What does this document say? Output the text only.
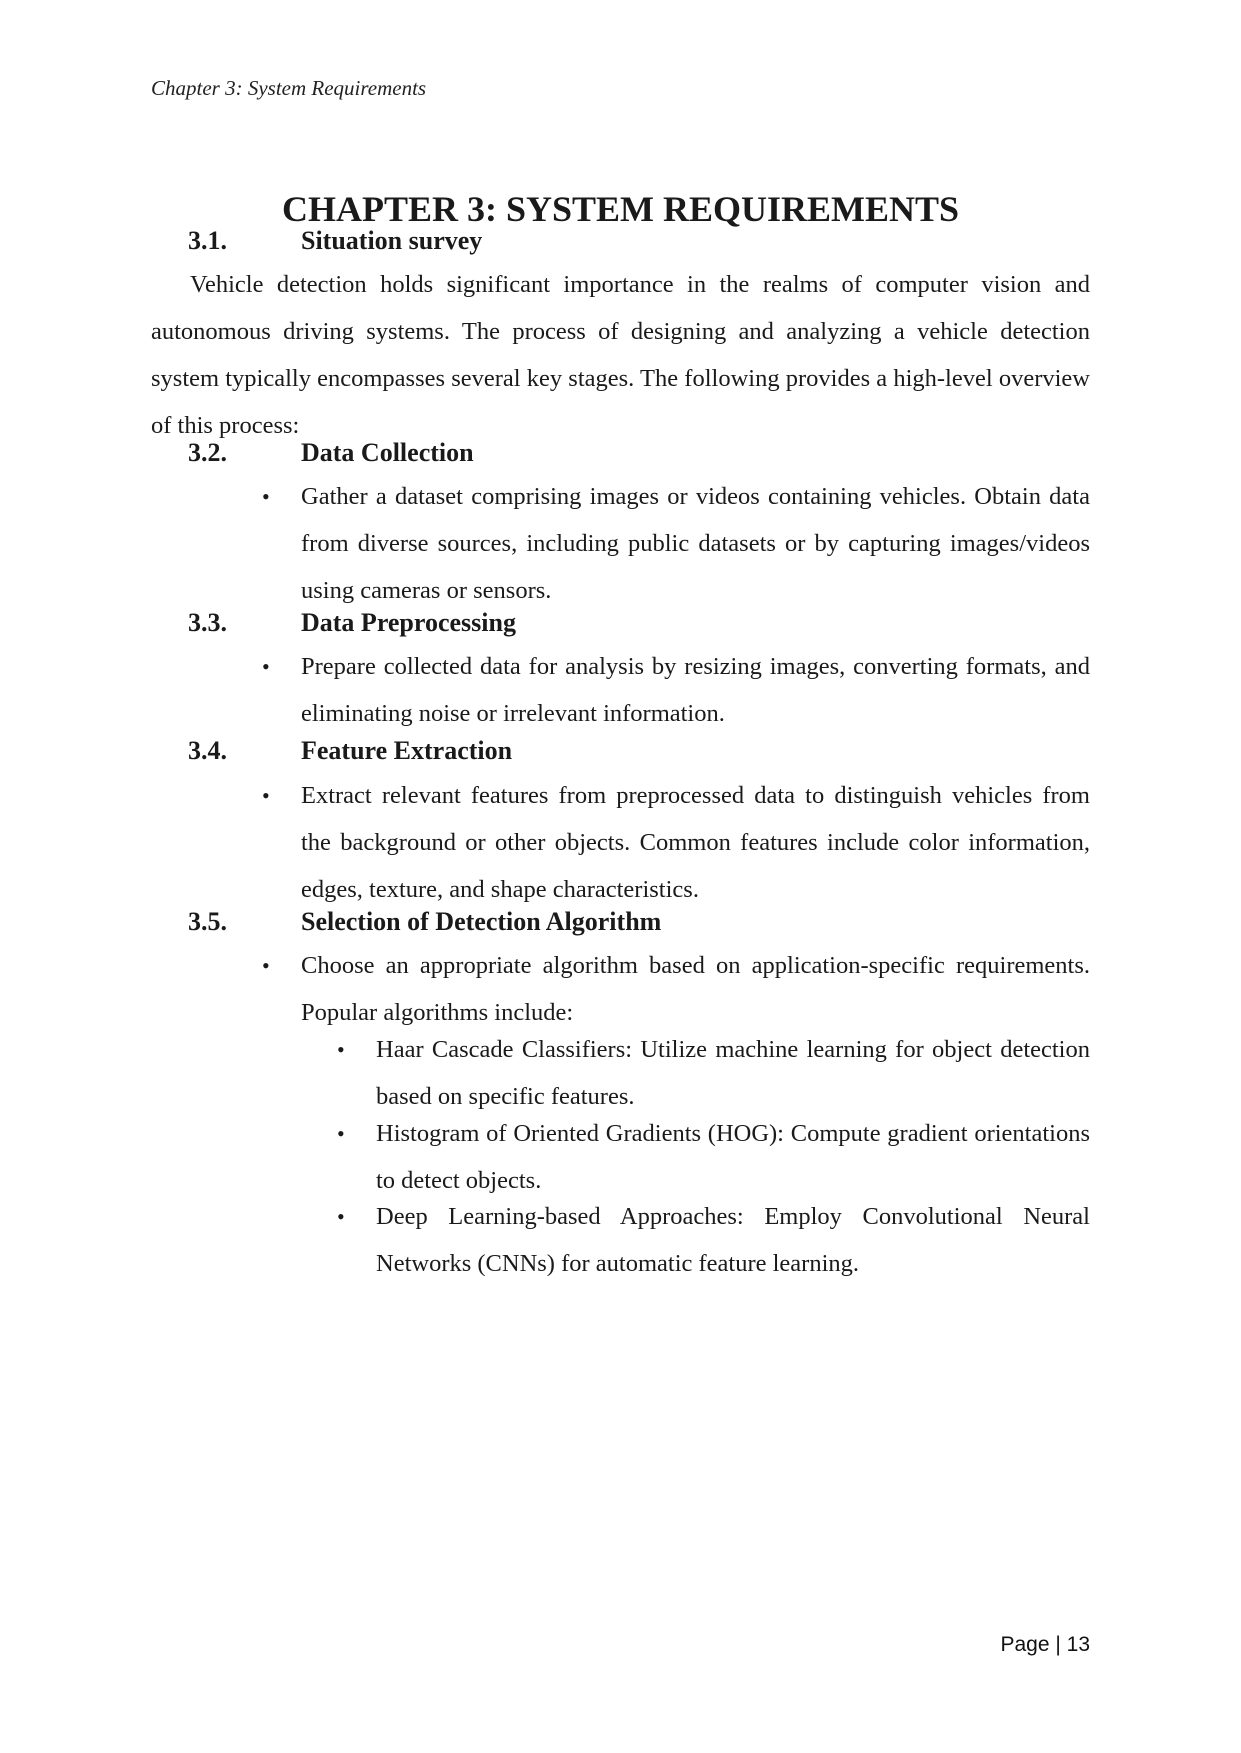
Chapter 3: System Requirements
CHAPTER 3: SYSTEM REQUIREMENTS
3.1.	Situation survey

Vehicle detection holds significant importance in the realms of computer vision and autonomous driving systems. The process of designing and analyzing a vehicle detection system typically encompasses several key stages. The following provides a high-level overview of this process:

3.2.	Data Collection
• Gather a dataset comprising images or videos containing vehicles. Obtain data from diverse sources, including public datasets or by capturing images/videos using cameras or sensors.

3.3.	Data Preprocessing
• Prepare collected data for analysis by resizing images, converting formats, and eliminating noise or irrelevant information.

3.4.	Feature Extraction
• Extract relevant features from preprocessed data to distinguish vehicles from the background or other objects. Common features include color information, edges, texture, and shape characteristics.

3.5.	Selection of Detection Algorithm
• Choose an appropriate algorithm based on application-specific requirements. Popular algorithms include:

• Haar Cascade Classifiers: Utilize machine learning for object detection based on specific features.

• Histogram of Oriented Gradients (HOG): Compute gradient orientations to detect objects.

• Deep Learning-based Approaches: Employ Convolutional Neural Networks (CNNs) for automatic feature learning.

Page | 13
